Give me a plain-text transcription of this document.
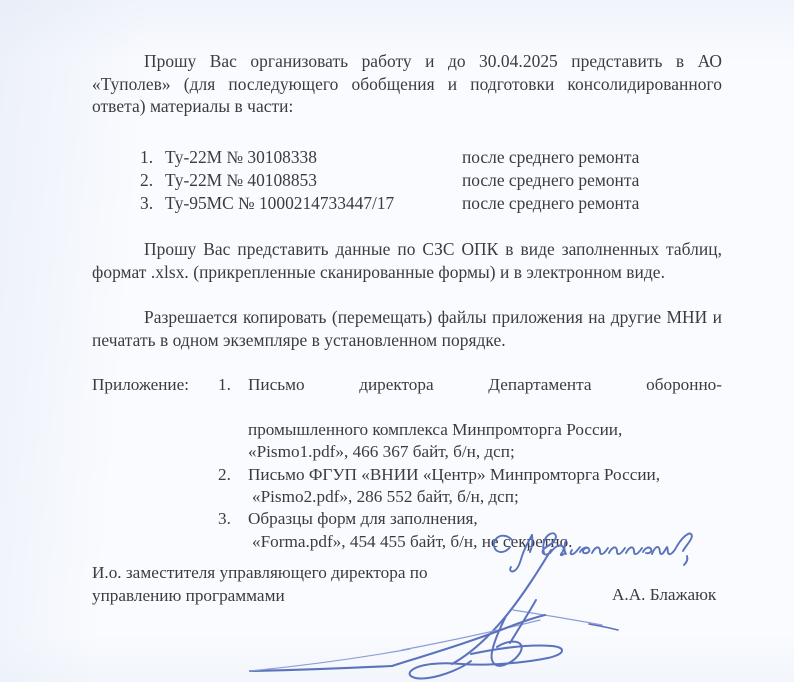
Прошу Вас организовать работу и до 30.04.2025 представить в АО «Туполев» (для последующего обобщения и подготовки консолидированного ответа) материалы в части:

1. Ту-22М № 30108338	после среднего ремонта
2. Ту-22М № 40108853	после среднего ремонта
3. Ту-95МС № 1000214733447/17	после среднего ремонта

Прошу Вас представить данные по СЗС ОПК в виде заполненных таблиц, формат .xlsx. (прикрепленные сканированные формы) и в электронном виде.

Разрешается копировать (перемещать) файлы приложения на другие МНИ и печатать в одном экземпляре в установленном порядке.

Приложение: 1. Письмо директора Департамента оборонно-
промышленного комплекса Минпромторга России,
«Pismo1.pdf», 466 367 байт, б/н, дсп;
2. Письмо ФГУП «ВНИИ «Центр» Минпромторга России,
«Pismo2.pdf», 286 552 байт, б/н, дсп;
3. Образцы форм для заполнения,
«Forma.pdf», 454 455 байт, б/н, не секретно.
И.о. заместителя управляющего директора по
управлению программами	А.А. Блажаюк
